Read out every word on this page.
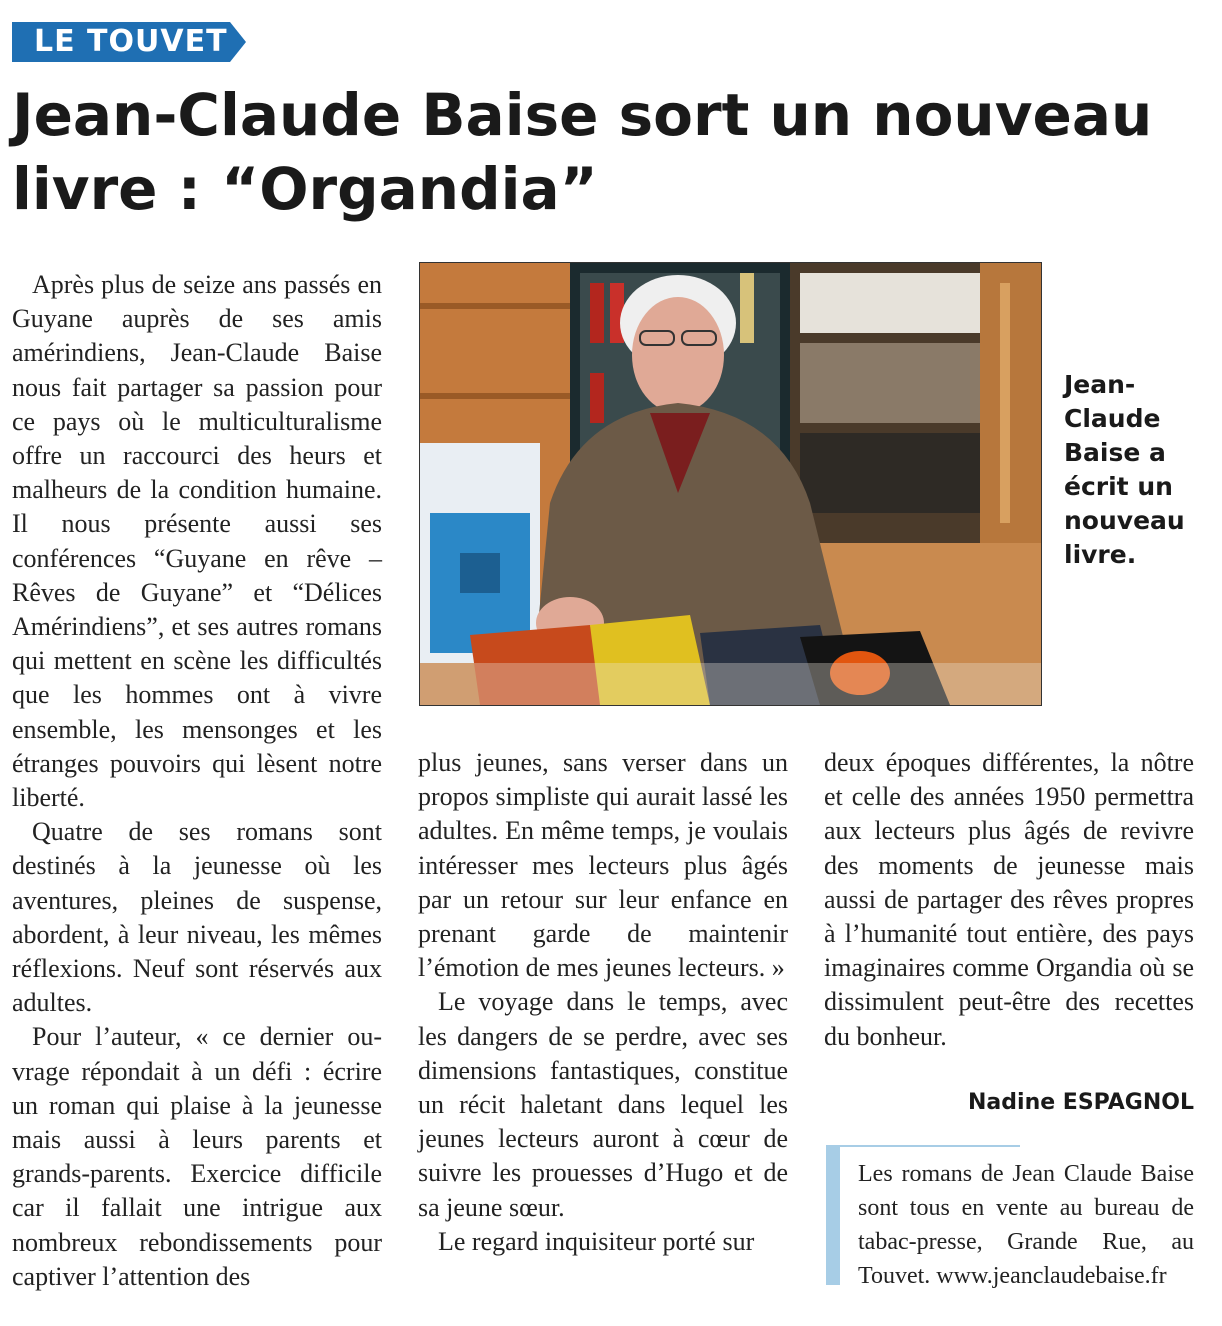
LE TOUVET
Jean-Claude Baise sort un nouveau livre : “Organdia”

Après plus de seize ans passés en Guyane auprès de ses amis amérindiens, Jean-Claude Baise nous fait partager sa passion pour ce pays où le multiculturalisme offre un raccourci des heurs et malheurs de la condition humaine. Il nous présente aussi ses conférences “Guyane en rêve – Rêves de Guyane” et “Délices Amérindiens”, et ses autres romans qui mettent en scène les difficultés que les hommes ont à vivre ensemble, les mensonges et les étranges pouvoirs qui lèsent notre liberté.

Quatre de ses romans sont destinés à la jeunesse où les aventures, pleines de suspense, abordent, à leur niveau, les mêmes réflexions. Neuf sont réservés aux adultes.

Pour l’auteur, « ce dernier ouvrage répondait à un défi : écrire un roman qui plaise à la jeunesse mais aussi à leurs parents et grands-parents. Exercice difficile car il fallait une intrigue aux nombreux rebondissements pour captiver l’attention des

Jean-Claude Baise a écrit un nouveau livre.

plus jeunes, sans verser dans un propos simpliste qui aurait lassé les adultes. En même temps, je voulais intéresser mes lecteurs plus âgés par un retour sur leur enfance en prenant garde de maintenir l’émotion de mes jeunes lecteurs. »

Le voyage dans le temps, avec les dangers de se perdre, avec ses dimensions fantastiques, constitue un récit haletant dans lequel les jeunes lecteurs auront à cœur de suivre les prouesses d’Hugo et de sa jeune sœur.

Le regard inquisiteur porté sur

deux époques différentes, la nôtre et celle des années 1950 permettra aux lecteurs plus âgés de revivre des moments de jeunesse mais aussi de partager des rêves propres à l’humanité tout entière, des pays imaginaires comme Organdia où se dissimulent peut-être des recettes du bonheur.

Nadine ESPAGNOL
Les romans de Jean Claude Baise sont tous en vente au bureau de tabac-presse, Grande Rue, au Touvet. www.jeanclaudebaise.fr
